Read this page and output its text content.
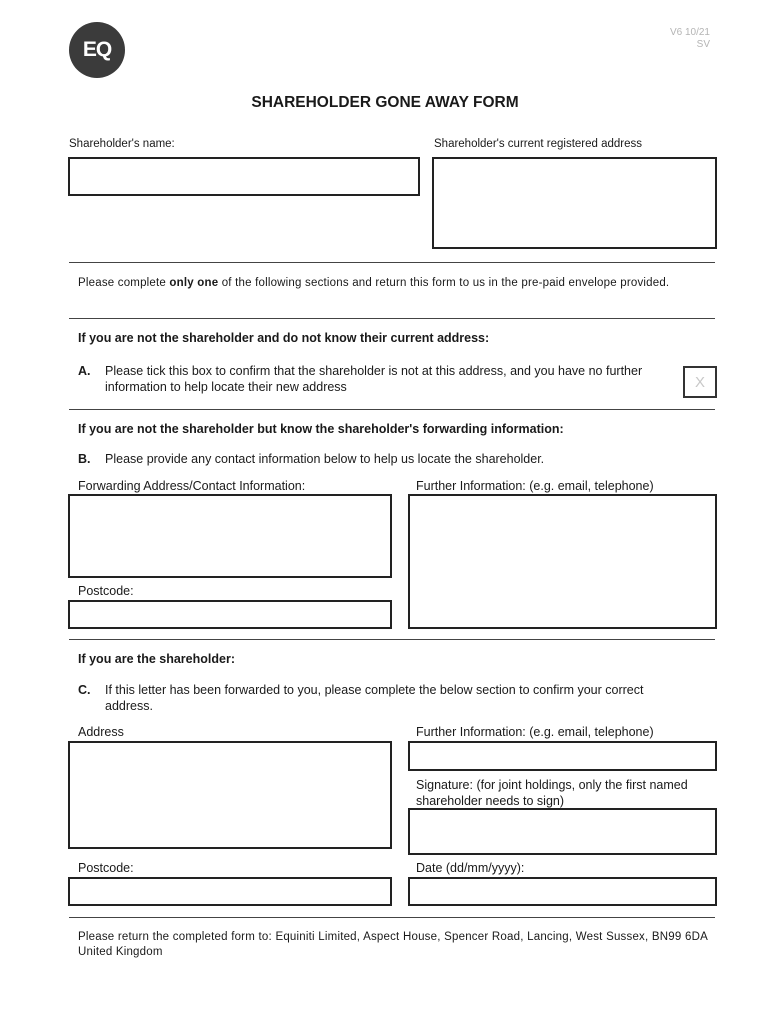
EQ
V6 10/21
SV
SHAREHOLDER GONE AWAY FORM
Shareholder's name:	Shareholder's current registered address
Please complete only one of the following sections and return this form to us in the pre-paid envelope provided.
If you are not the shareholder and do not know their current address:
A. Please tick this box to confirm that the shareholder is not at this address, and you have no further information to help locate their new address	X
If you are not the shareholder but know the shareholder's forwarding information:
B. Please provide any contact information below to help us locate the shareholder.
Forwarding Address/Contact Information:	Further Information: (e.g. email, telephone)
Postcode:
If you are the shareholder:
C. If this letter has been forwarded to you, please complete the below section to confirm your correct address.
Address	Further Information: (e.g. email, telephone)
Signature: (for joint holdings, only the first named shareholder needs to sign)
Postcode:	Date (dd/mm/yyyy):
Please return the completed form to: Equiniti Limited, Aspect House, Spencer Road, Lancing, West Sussex, BN99 6DA United Kingdom
